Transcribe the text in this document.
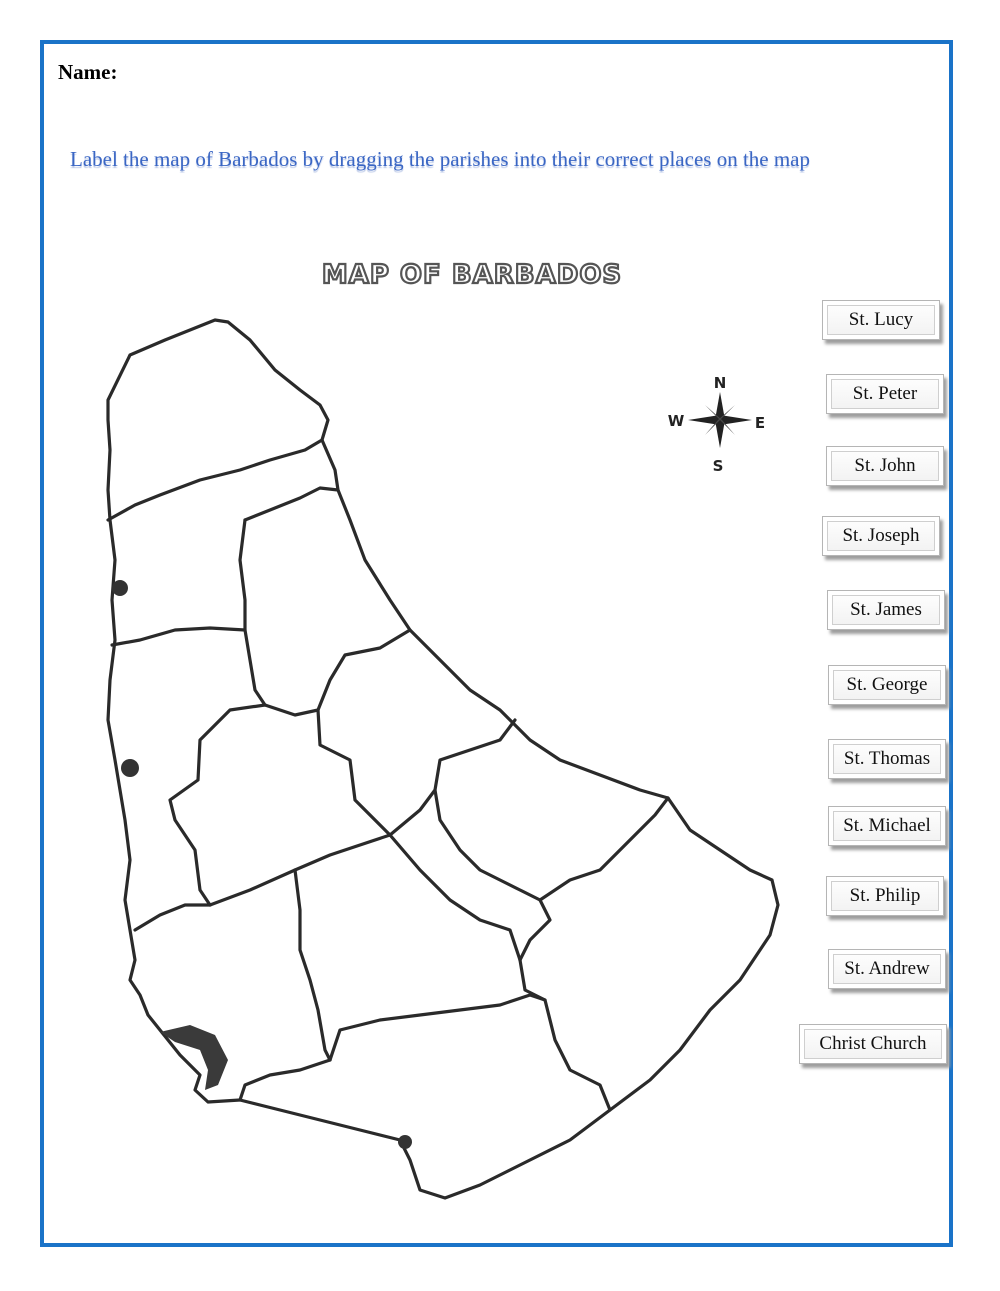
Name:
Label the map of Barbados by dragging the parishes into their correct places on the map
MAP OF BARBADOS
N
S
E
W
St. Lucy
St. Peter
St. John
St. Joseph
St. James
St. George
St. Thomas
St. Michael
St. Philip
St. Andrew
Christ Church
